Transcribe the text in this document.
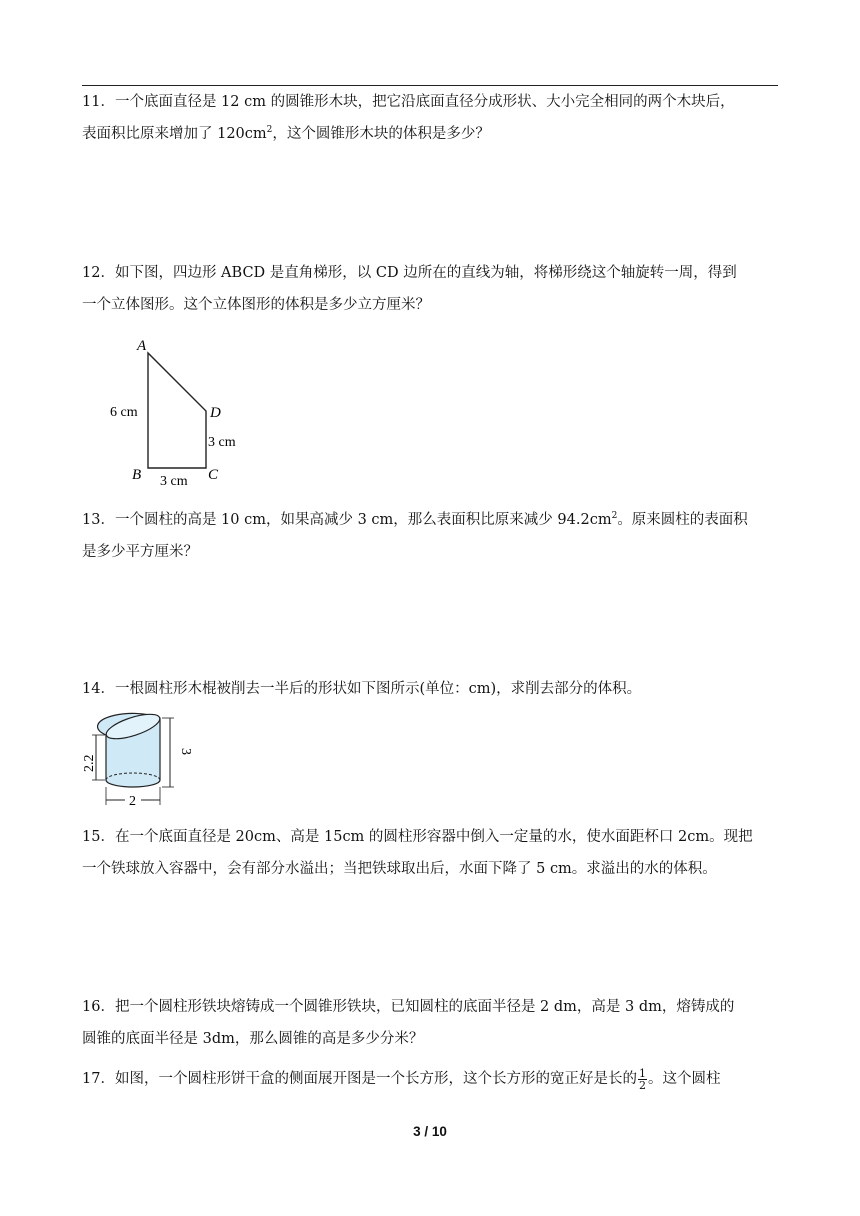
11．一个底面直径是 12 cm 的圆锥形木块，把它沿底面直径分成形状、大小完全相同的两个木块后，

表面积比原来增加了 $120cm^2$，这个圆锥形木块的体积是多少？

12．如下图，四边形 ABCD 是直角梯形，以 CD 边所在的直线为轴，将梯形绕这个轴旋转一周，得到

一个立体图形。这个立体图形的体积是多少立方厘米？

A
D
B	C
6 cm
3 cm
3 cm

13．一个圆柱的高是 10 cm，如果高减少 3 cm，那么表面积比原来减少 $94.2cm^2$。原来圆柱的表面积

是多少平方厘米？

14．一根圆柱形木棍被削去一半后的形状如下图所示(单位：cm)，求削去部分的体积。

2.2
3
2

15．在一个底面直径是 20cm、高是 15cm 的圆柱形容器中倒入一定量的水，使水面距杯口 2cm。现把

一个铁球放入容器中，会有部分水溢出；当把铁球取出后，水面下降了 5 cm。求溢出的水的体积。

16．把一个圆柱形铁块熔铸成一个圆锥形铁块，已知圆柱的底面半径是 2 dm，高是 3 dm，熔铸成的

圆锥的底面半径是 3dm，那么圆锥的高是多少分米？

17．如图，一个圆柱形饼干盒的侧面展开图是一个长方形，这个长方形的宽正好是长的 $\frac{1}{2}$ 。这个圆柱

3 / 10
